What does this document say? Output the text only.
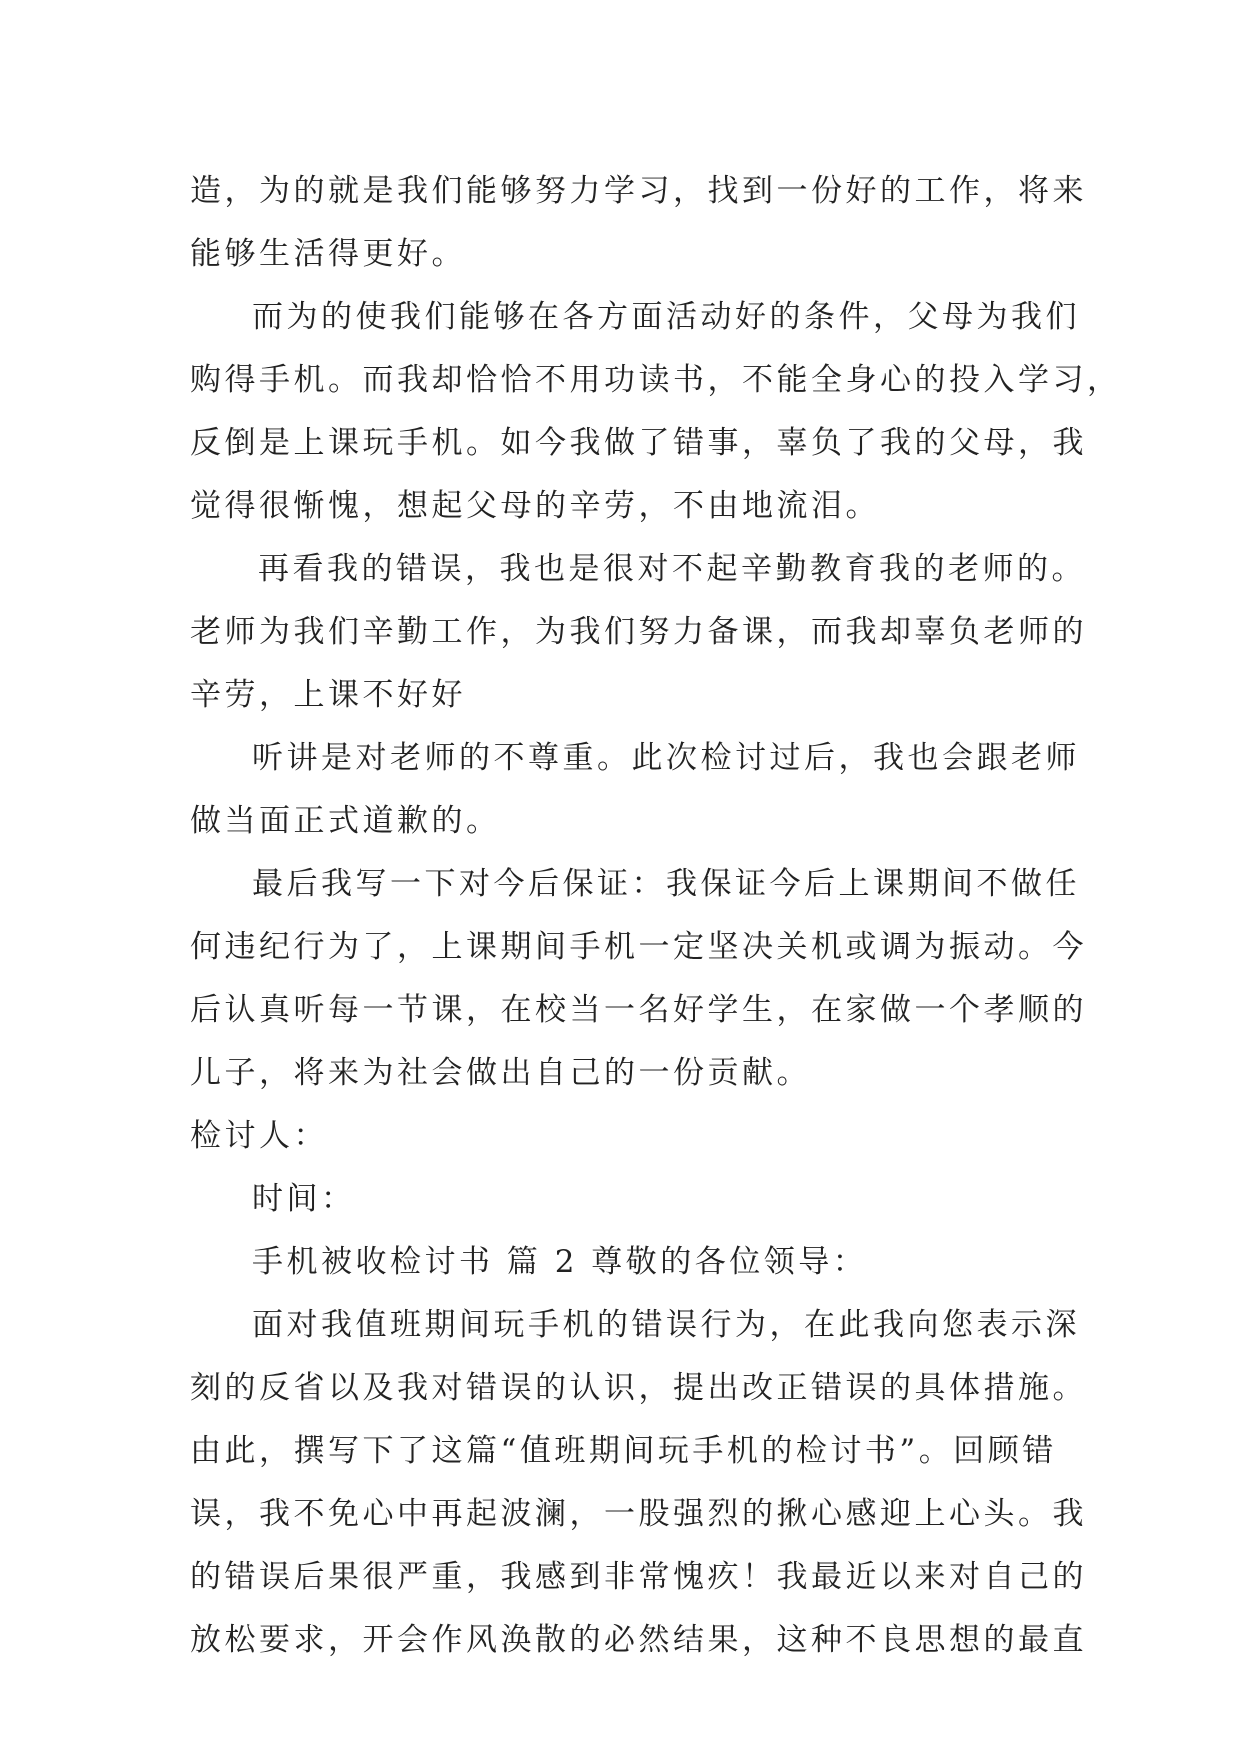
造，为的就是我们能够努力学习，找到一份好的工作，将来
能够生活得更好。
而为的使我们能够在各方面活动好的条件，父母为我们
购得手机。而我却恰恰不用功读书，不能全身心的投入学习，
反倒是上课玩手机。如今我做了错事，辜负了我的父母，我
觉得很惭愧，想起父母的辛劳，不由地流泪。
再看我的错误，我也是很对不起辛勤教育我的老师的。
老师为我们辛勤工作，为我们努力备课，而我却辜负老师的
辛劳，上课不好好
听讲是对老师的不尊重。此次检讨过后，我也会跟老师
做当面正式道歉的。
最后我写一下对今后保证：我保证今后上课期间不做任
何违纪行为了，上课期间手机一定坚决关机或调为振动。今
后认真听每一节课，在校当一名好学生，在家做一个孝顺的
儿子，将来为社会做出自己的一份贡献。
检讨人：
时间：
手机被收检讨书 篇 2 尊敬的各位领导：
面对我值班期间玩手机的错误行为，在此我向您表示深
刻的反省以及我对错误的认识，提出改正错误的具体措施。
由此，撰写下了这篇“值班期间玩手机的检讨书”。回顾错
误，我不免心中再起波澜，一股强烈的揪心感迎上心头。我
的错误后果很严重，我感到非常愧疚！我最近以来对自己的
放松要求，开会作风涣散的必然结果，这种不良思想的最直
